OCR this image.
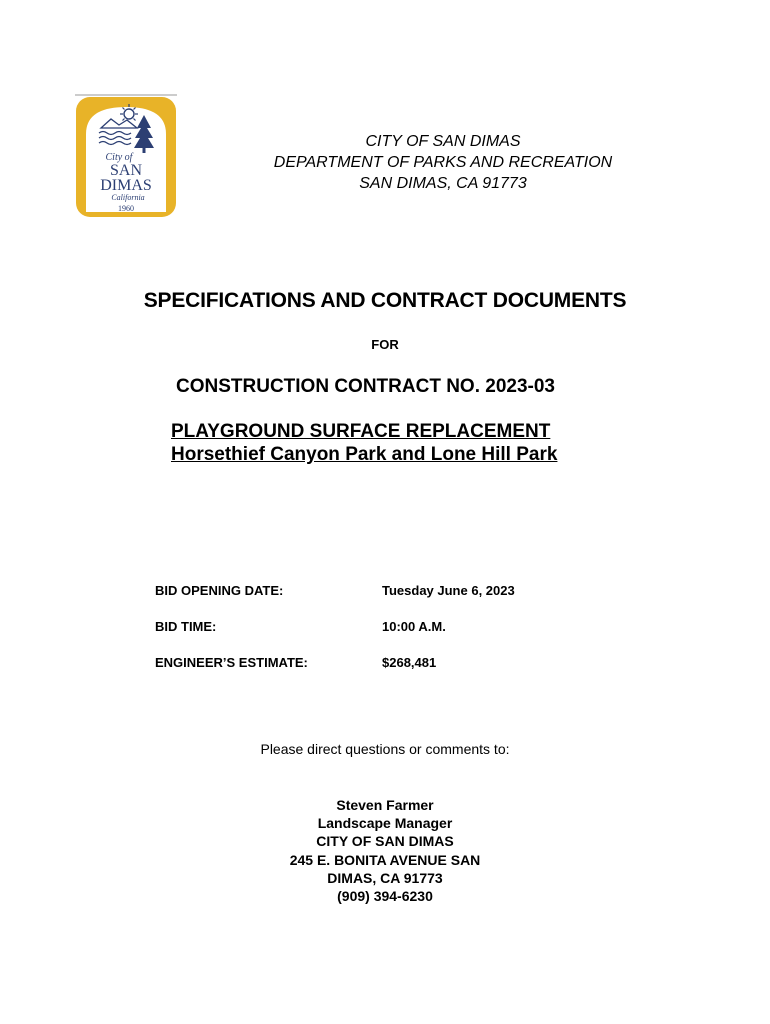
City of
SAN
DIMAS
California
1960
CITY OF SAN DIMAS
DEPARTMENT OF PARKS AND RECREATION
SAN DIMAS, CA 91773
SPECIFICATIONS AND CONTRACT DOCUMENTS
FOR
CONSTRUCTION CONTRACT NO. 2023-03
PLAYGROUND SURFACE REPLACEMENT
Horsethief Canyon Park and Lone Hill Park
BID OPENING DATE:	Tuesday June 6, 2023
BID TIME:	10:00 A.M.
ENGINEER’S ESTIMATE:	$268,481
Please direct questions or comments to:
Steven Farmer
Landscape Manager
CITY OF SAN DIMAS
245 E. BONITA AVENUE SAN
DIMAS, CA 91773
(909) 394-6230
